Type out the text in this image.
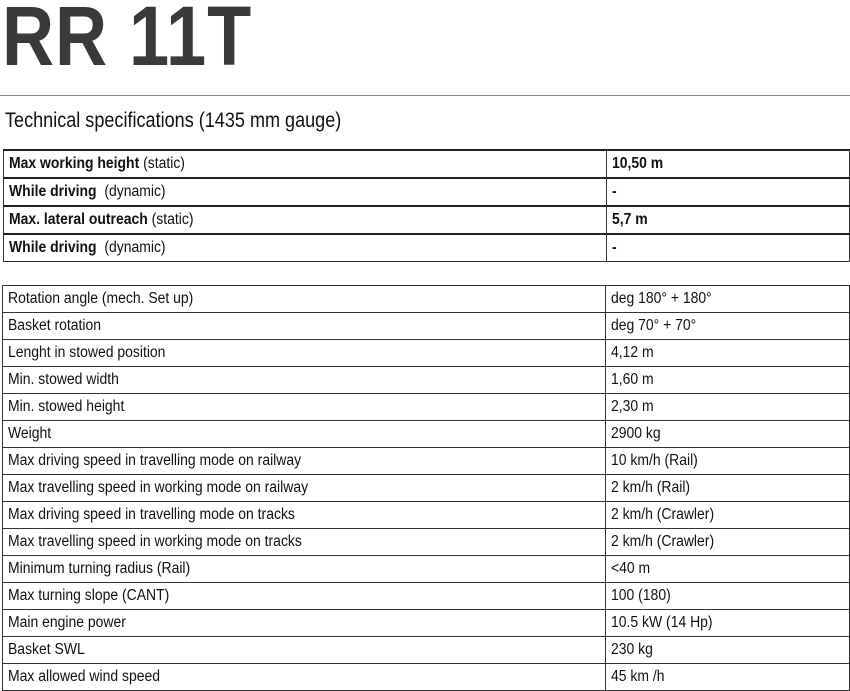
RR 11T
Technical specifications (1435 mm gauge)
Max working height (static)	10,50 m
While driving  (dynamic)	-
Max. lateral outreach (static)	5,7 m
While driving  (dynamic)	-
Rotation angle (mech. Set up)	deg 180° + 180°
Basket rotation	deg 70° + 70°
Lenght in stowed position	4,12 m
Min. stowed width	1,60 m
Min. stowed height	2,30 m
Weight	2900 kg
Max driving speed in travelling mode on railway	10 km/h (Rail)
Max travelling speed in working mode on railway	2 km/h (Rail)
Max driving speed in travelling mode on tracks	2 km/h (Crawler)
Max travelling speed in working mode on tracks	2 km/h (Crawler)
Minimum turning radius (Rail)	<40 m
Max turning slope (CANT)	100 (180)
Main engine power	10.5 kW (14 Hp)
Basket SWL	230 kg
Max allowed wind speed	45 km /h
